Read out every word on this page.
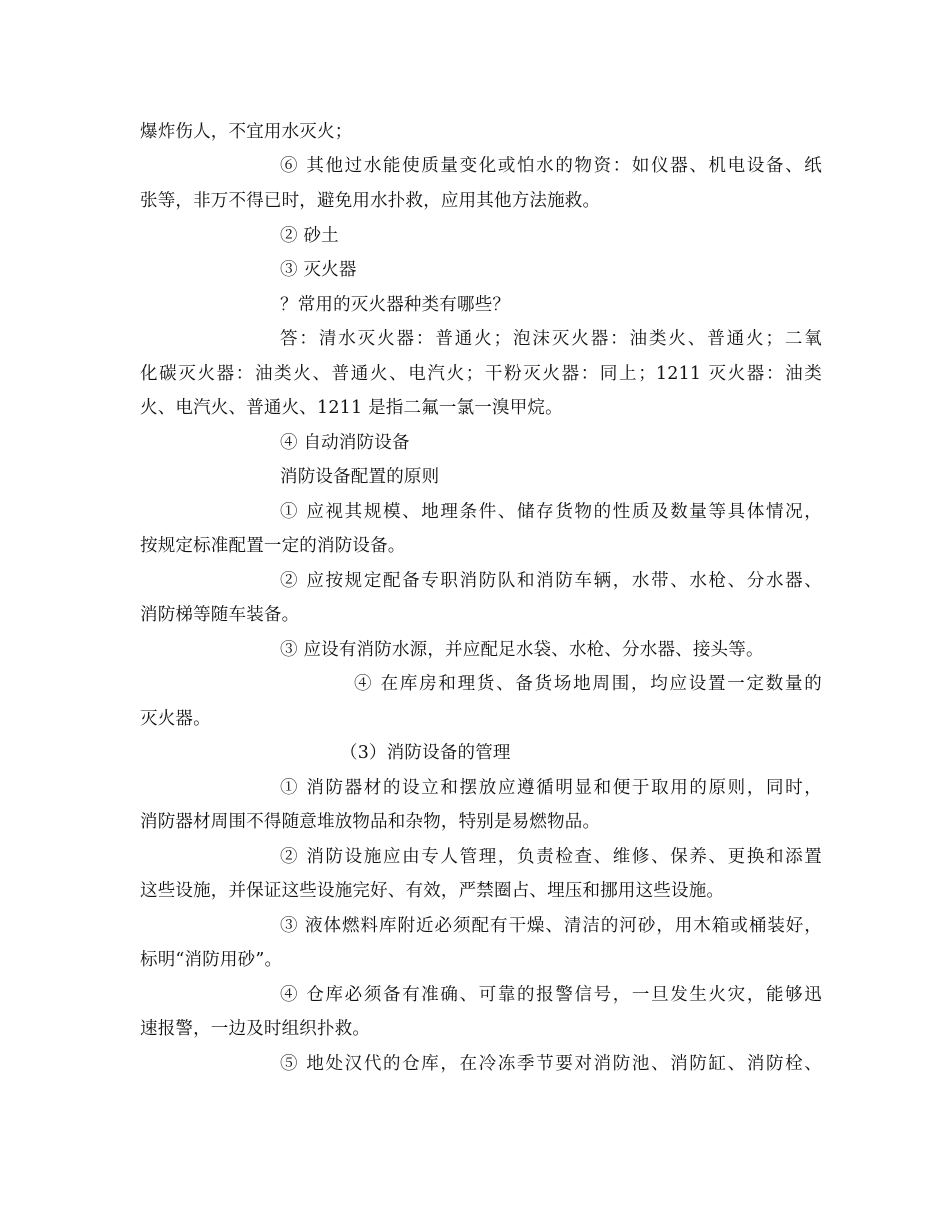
爆炸伤人，不宜用水灭火；
⑥ 其他过水能使质量变化或怕水的物资：如仪器、机电设备、纸
张等，非万不得已时，避免用水扑救，应用其他方法施救。
② 砂土
③ 灭火器
？常用的灭火器种类有哪些？
答：清水灭火器：普通火；泡沫灭火器：油类火、普通火；二氧
化碳灭火器：油类火、普通火、电汽火；干粉灭火器：同上；1211 灭火器：油类
火、电汽火、普通火、1211 是指二氟一氯一溴甲烷。
④ 自动消防设备
消防设备配置的原则
① 应视其规模、地理条件、储存货物的性质及数量等具体情况，
按规定标准配置一定的消防设备。
② 应按规定配备专职消防队和消防车辆，水带、水枪、分水器、
消防梯等随车装备。
③ 应设有消防水源，并应配足水袋、水枪、分水器、接头等。
④ 在库房和理货、备货场地周围，均应设置一定数量的
灭火器。
（3）消防设备的管理
① 消防器材的设立和摆放应遵循明显和便于取用的原则，同时，
消防器材周围不得随意堆放物品和杂物，特别是易燃物品。
② 消防设施应由专人管理，负责检查、维修、保养、更换和添置
这些设施，并保证这些设施完好、有效，严禁圈占、埋压和挪用这些设施。
③ 液体燃料库附近必须配有干燥、清洁的河砂，用木箱或桶装好，
标明“消防用砂”。
④ 仓库必须备有准确、可靠的报警信号，一旦发生火灾，能够迅
速报警，一边及时组织扑救。
⑤ 地处汉代的仓库，在冷冻季节要对消防池、消防缸、消防栓、
